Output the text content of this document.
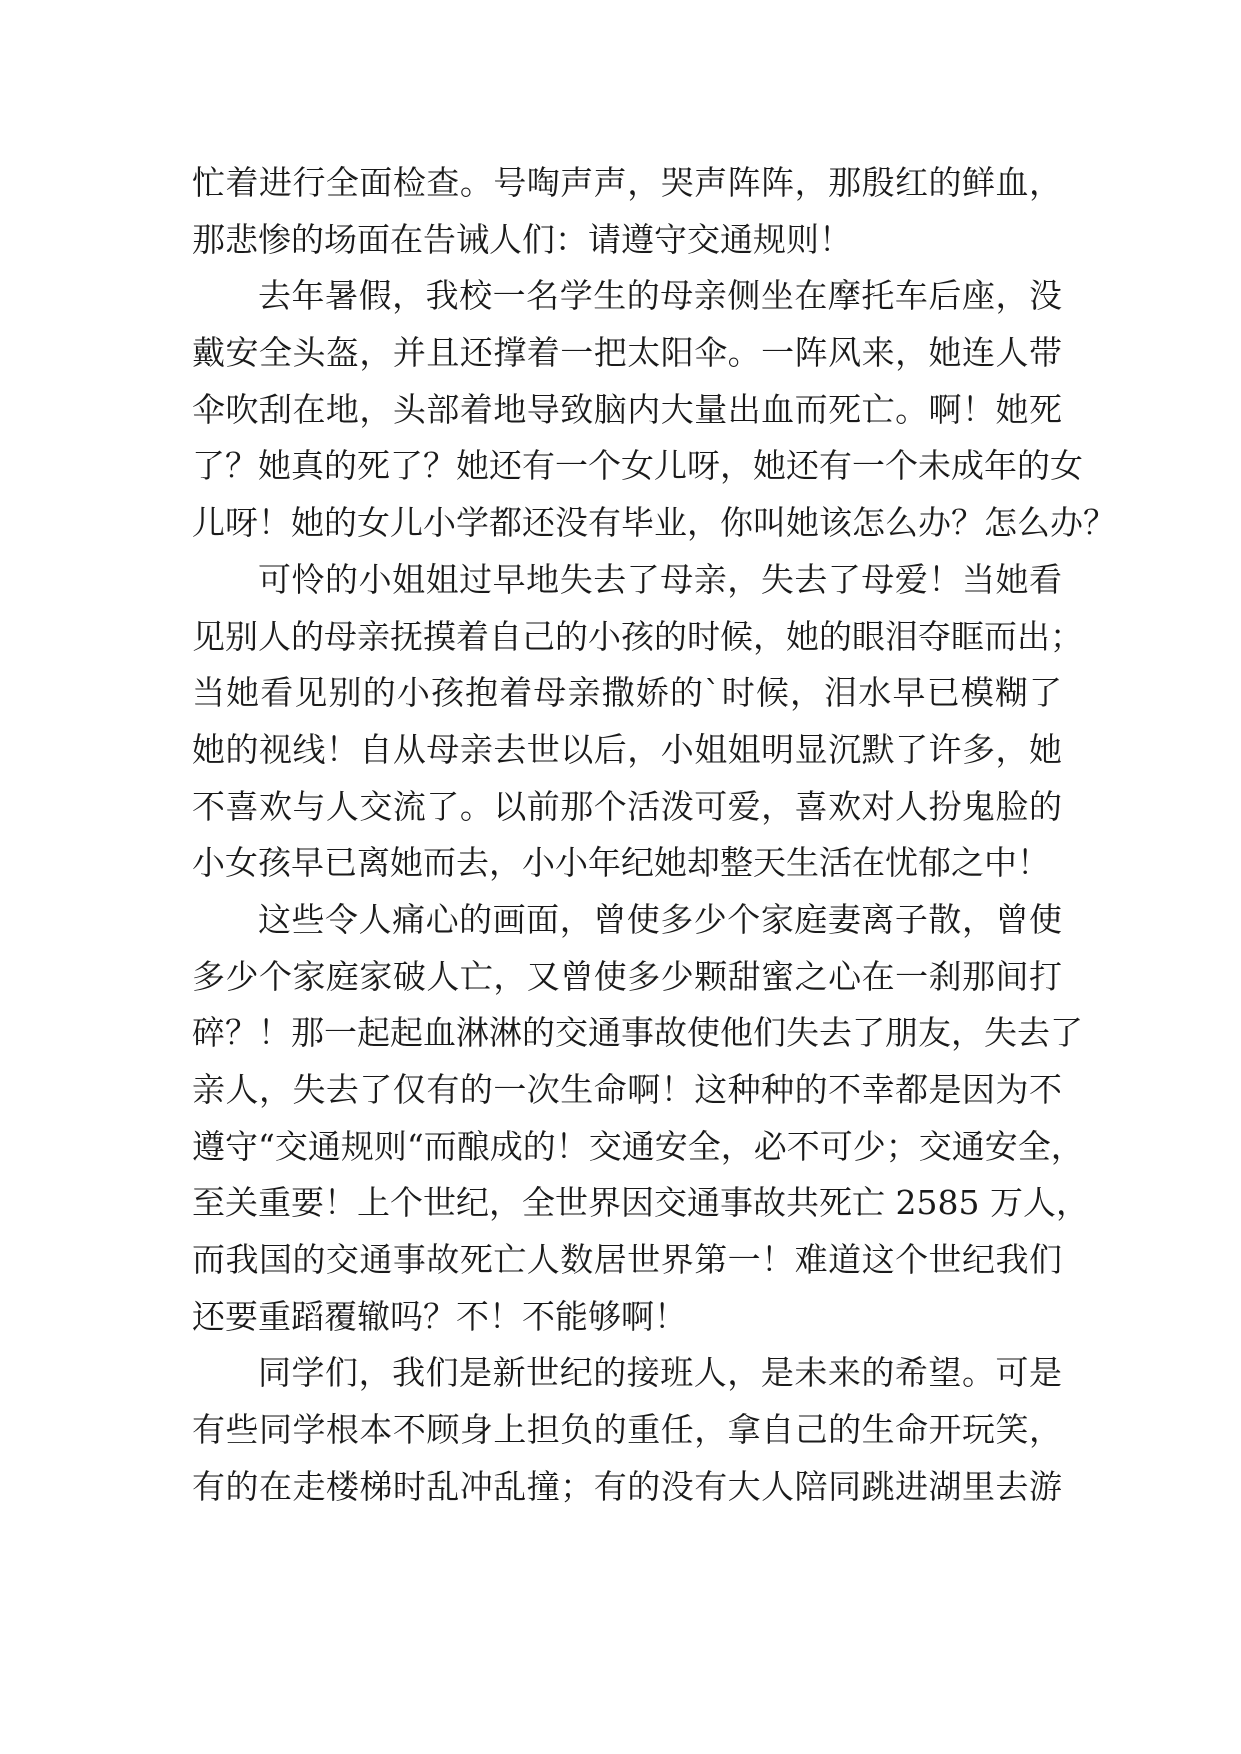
忙着进行全面检查。号啕声声，哭声阵阵，那殷红的鲜血，
那悲惨的场面在告诫人们：请遵守交通规则！
去年暑假，我校一名学生的母亲侧坐在摩托车后座，没
戴安全头盔，并且还撑着一把太阳伞。一阵风来，她连人带
伞吹刮在地，头部着地导致脑内大量出血而死亡。啊！她死
了？她真的死了？她还有一个女儿呀，她还有一个未成年的女
儿呀！她的女儿小学都还没有毕业，你叫她该怎么办？怎么办？
可怜的小姐姐过早地失去了母亲，失去了母爱！当她看
见别人的母亲抚摸着自己的小孩的时候，她的眼泪夺眶而出；
当她看见别的小孩抱着母亲撒娇的`时候，泪水早已模糊了
她的视线！自从母亲去世以后，小姐姐明显沉默了许多，她
不喜欢与人交流了。以前那个活泼可爱，喜欢对人扮鬼脸的
小女孩早已离她而去，小小年纪她却整天生活在忧郁之中！
这些令人痛心的画面，曾使多少个家庭妻离子散，曾使
多少个家庭家破人亡，又曾使多少颗甜蜜之心在一刹那间打
碎？！那一起起血淋淋的交通事故使他们失去了朋友，失去了
亲人，失去了仅有的一次生命啊！这种种的不幸都是因为不
遵守“交通规则“而酿成的！交通安全，必不可少；交通安全，
至关重要！上个世纪，全世界因交通事故共死亡 2585 万人，
而我国的交通事故死亡人数居世界第一！难道这个世纪我们
还要重蹈覆辙吗？不！不能够啊！
同学们，我们是新世纪的接班人，是未来的希望。可是
有些同学根本不顾身上担负的重任，拿自己的生命开玩笑，
有的在走楼梯时乱冲乱撞；有的没有大人陪同跳进湖里去游
